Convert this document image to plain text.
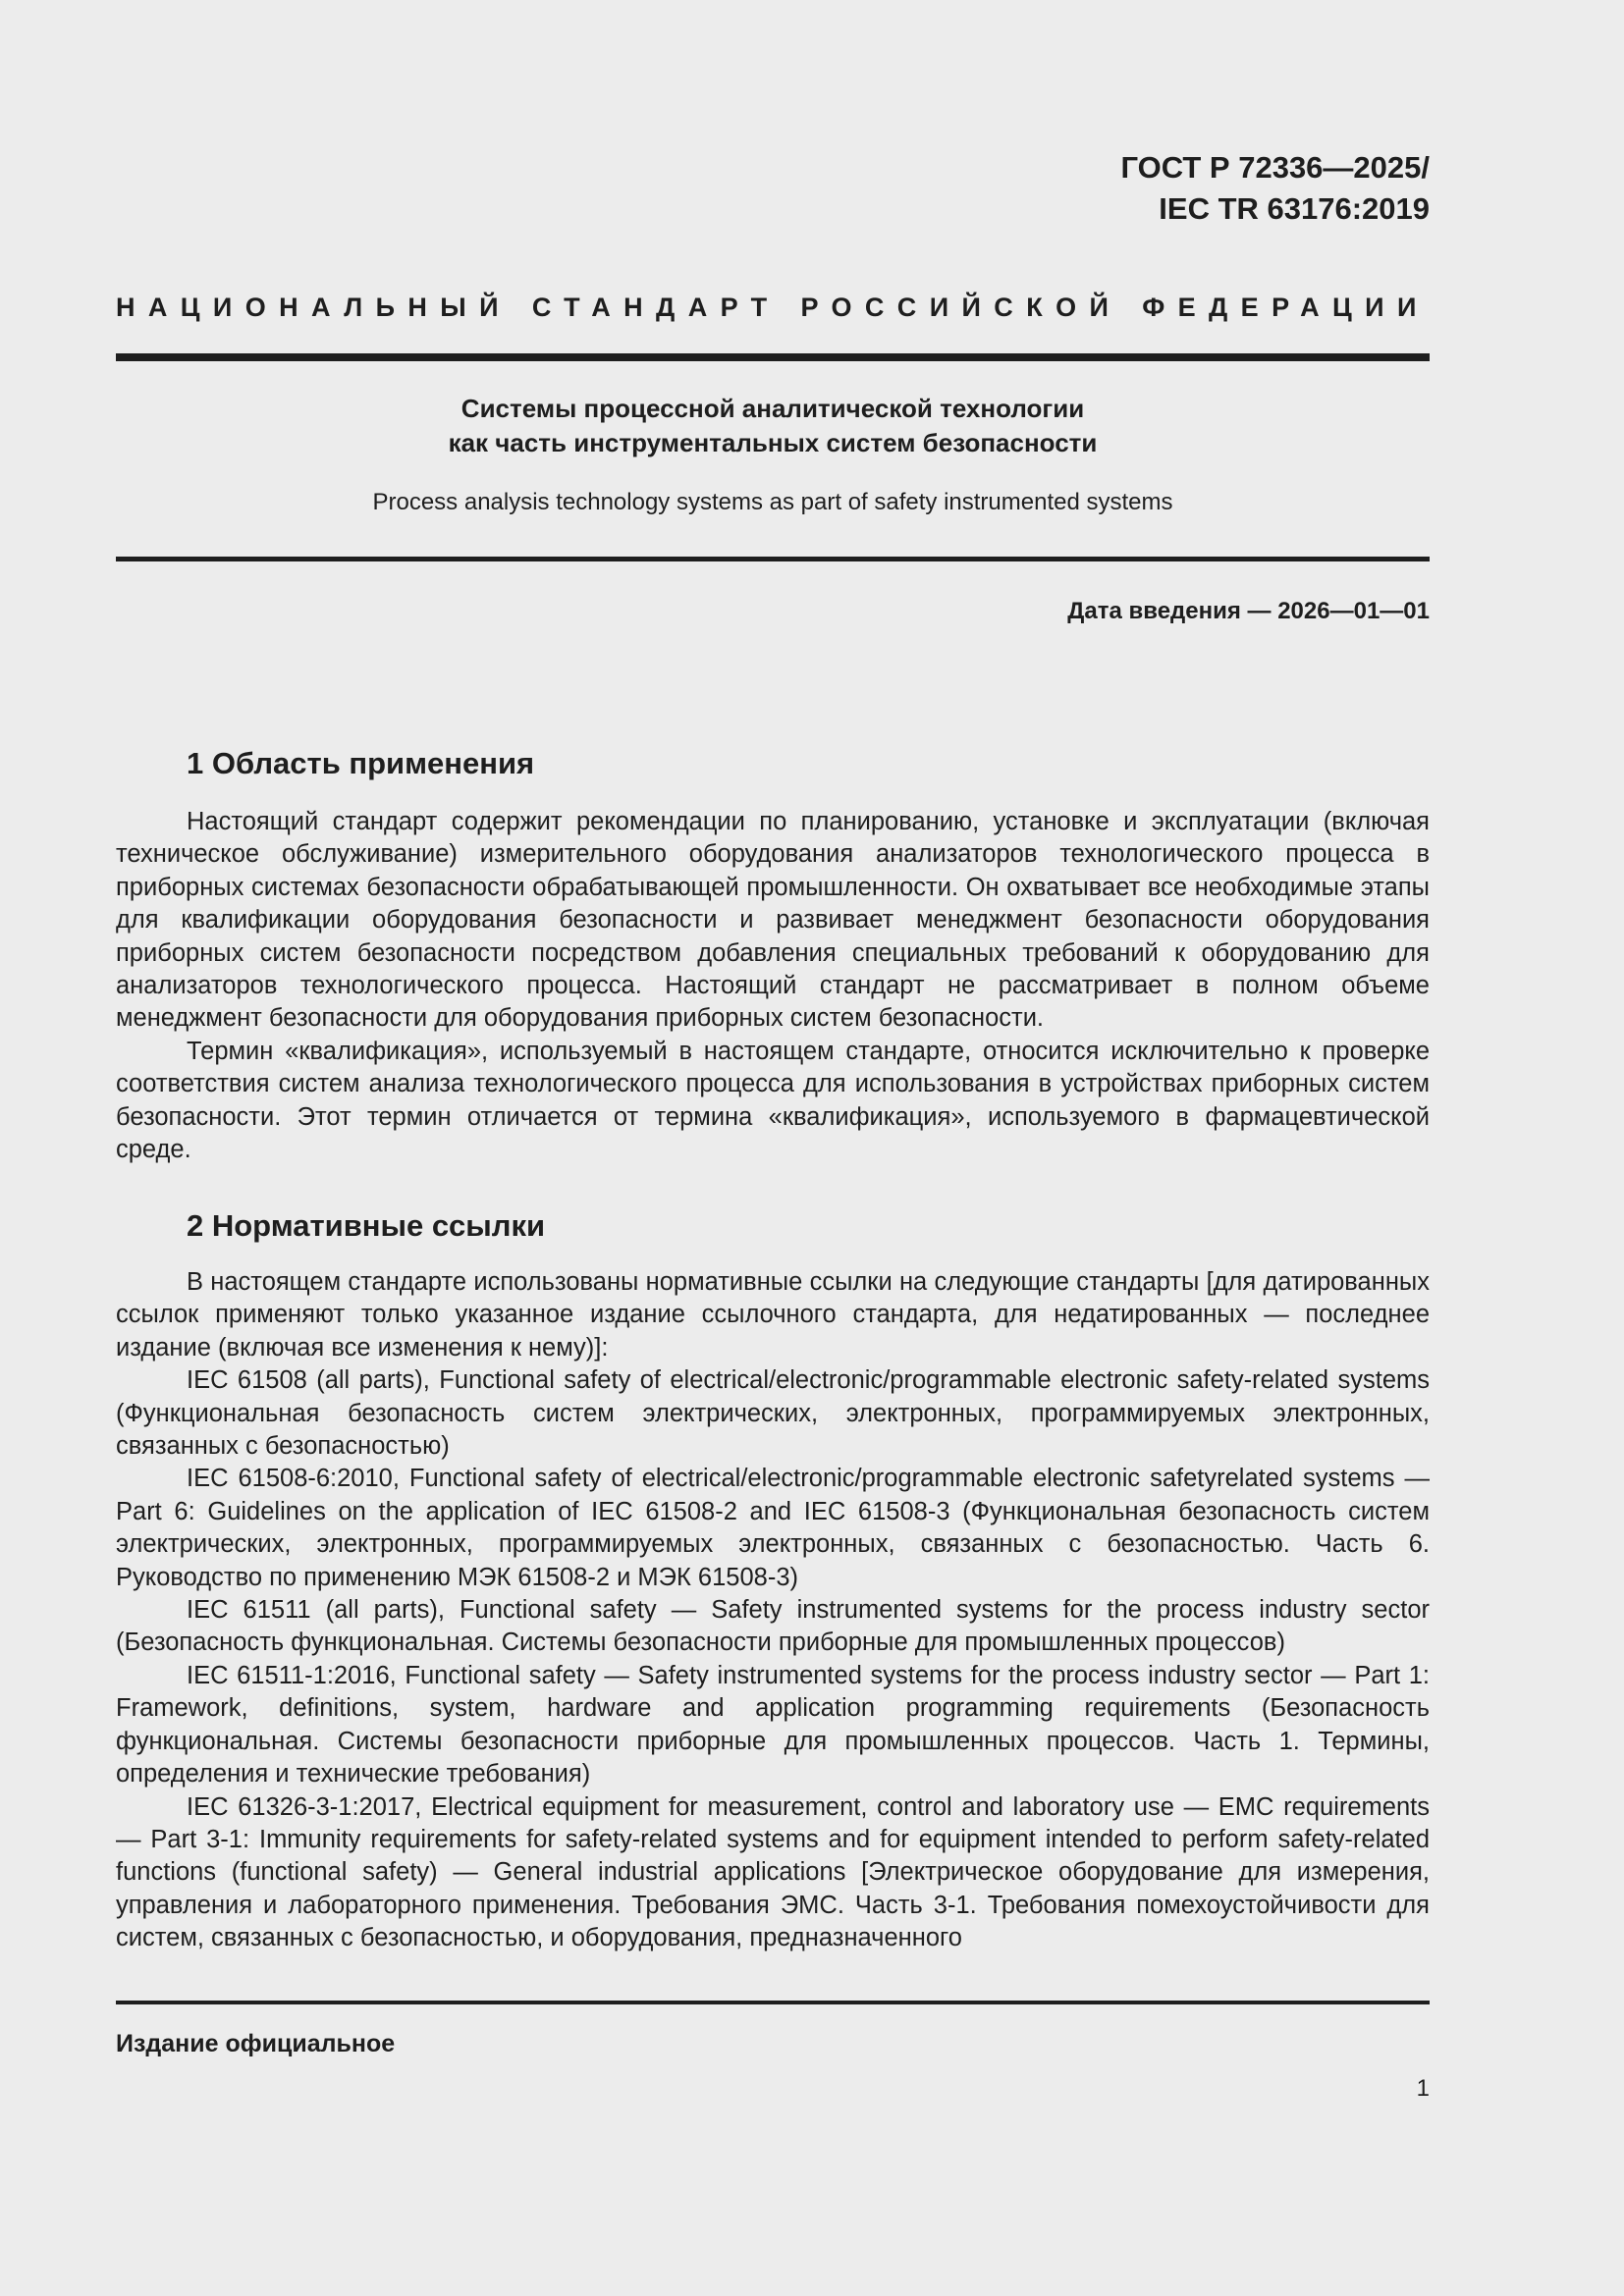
ГОСТ Р 72336—2025/
IEC TR 63176:2019
НАЦИОНАЛЬНЫЙ СТАНДАРТ РОССИЙСКОЙ ФЕДЕРАЦИИ
Системы процессной аналитической технологии
как часть инструментальных систем безопасности
Process analysis technology systems as part of safety instrumented systems
Дата введения — 2026—01—01
1 Область применения

Настоящий стандарт содержит рекомендации по планированию, установке и эксплуатации (включая техническое обслуживание) измерительного оборудования анализаторов технологического процесса в приборных системах безопасности обрабатывающей промышленности. Он охватывает все необходимые этапы для квалификации оборудования безопасности и развивает менеджмент безопасности оборудования приборных систем безопасности посредством добавления специальных требований к оборудованию для анализаторов технологического процесса. Настоящий стандарт не рассматривает в полном объеме менеджмент безопасности для оборудования приборных систем безопасности.

Термин «квалификация», используемый в настоящем стандарте, относится исключительно к проверке соответствия систем анализа технологического процесса для использования в устройствах приборных систем безопасности. Этот термин отличается от термина «квалификация», используемого в фармацевтической среде.

2 Нормативные ссылки

В настоящем стандарте использованы нормативные ссылки на следующие стандарты [для датированных ссылок применяют только указанное издание ссылочного стандарта, для недатированных — последнее издание (включая все изменения к нему)]:

IEC 61508 (all parts), Functional safety of electrical/electronic/programmable electronic safety-related systems (Функциональная безопасность систем электрических, электронных, программируемых электронных, связанных с безопасностью)

IEC 61508-6:2010, Functional safety of electrical/electronic/programmable electronic safetyrelated systems — Part 6: Guidelines on the application of IEC 61508-2 and IEC 61508-3 (Функциональная безопасность систем электрических, электронных, программируемых электронных, связанных с безопасностью. Часть 6. Руководство по применению МЭК 61508-2 и МЭК 61508-3)

IEC 61511 (all parts), Functional safety — Safety instrumented systems for the process industry sector (Безопасность функциональная. Системы безопасности приборные для промышленных процессов)

IEC 61511-1:2016, Functional safety — Safety instrumented systems for the process industry sector — Part 1: Framework, definitions, system, hardware and application programming requirements (Безопасность функциональная. Системы безопасности приборные для промышленных процессов. Часть 1. Термины, определения и технические требования)

IEC 61326-3-1:2017, Electrical equipment for measurement, control and laboratory use — EMC requirements — Part 3-1: Immunity requirements for safety-related systems and for equipment intended to perform safety-related functions (functional safety) — General industrial applications [Электрическое оборудование для измерения, управления и лабораторного применения. Требования ЭМС. Часть 3-1. Требования помехоустойчивости для систем, связанных с безопасностью, и оборудования, предназначенного

Издание официальное
1
